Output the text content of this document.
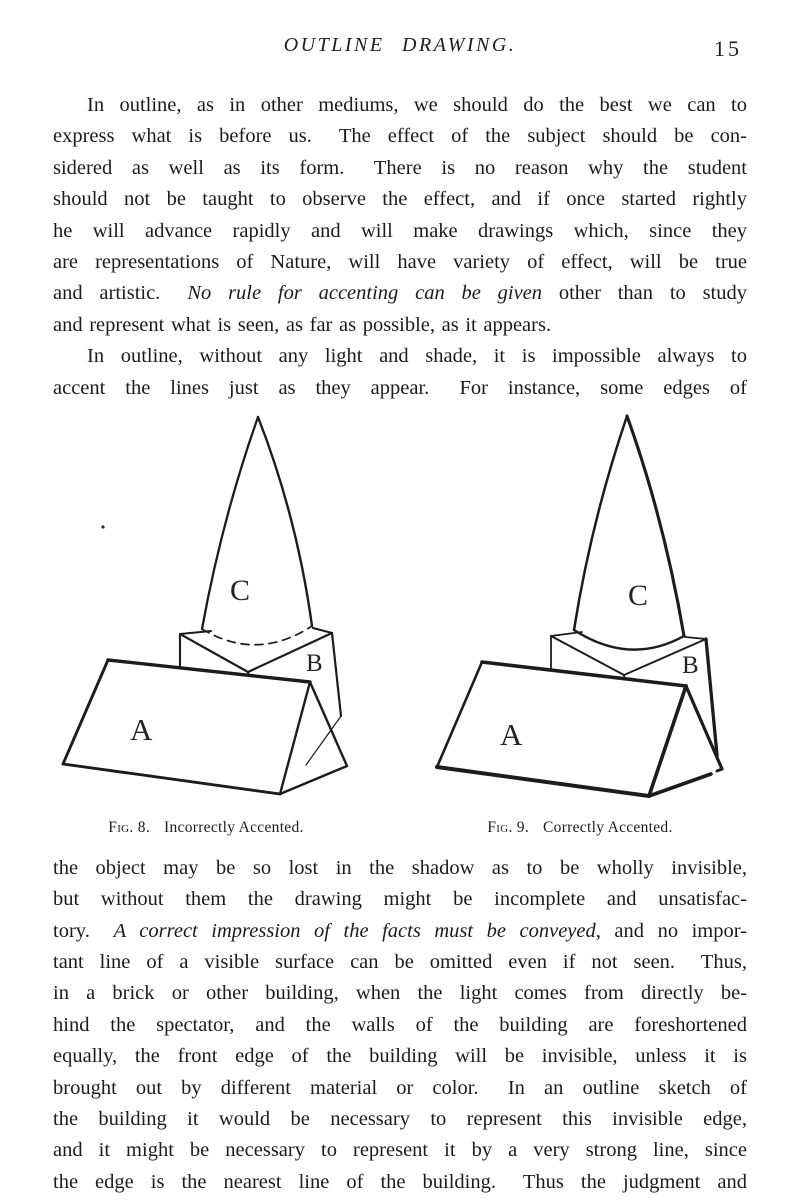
OUTLINE DRAWING.	15
In outline, as in other mediums, we should do the best we can to
express what is before us.  The effect of the subject should be con-
sidered as well as its form.  There is no reason why the student
should not be taught to observe the effect, and if once started rightly
he will advance rapidly and will make drawings which, since they
are representations of Nature, will have variety of effect, will be true
and artistic.  No rule for accenting can be given other than to study
and represent what is seen, as far as possible, as it appears.
In outline, without any light and shade, it is impossible always to
accent the lines just as they appear.  For instance, some edges of
C
B
A
Fig. 8. Incorrectly Accented.
C
B
A
Fig. 9. Correctly Accented.
the object may be so lost in the shadow as to be wholly invisible,
but without them the drawing might be incomplete and unsatisfac-
tory.  A correct impression of the facts must be conveyed, and no impor-
tant line of a visible surface can be omitted even if not seen.  Thus,
in a brick or other building, when the light comes from directly be-
hind the spectator, and the walls of the building are foreshortened
equally, the front edge of the building will be invisible, unless it is
brought out by different material or color.  In an outline sketch of
the building it would be necessary to represent this invisible edge,
and it might be necessary to represent it by a very strong line, since
the edge is the nearest line of the building.  Thus the judgment and
